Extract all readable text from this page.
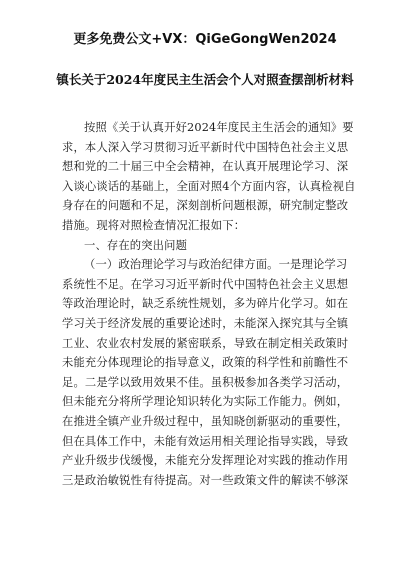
更多免费公文+VX：QiGeGongWen2024
镇长关于2024年度民主生活会个人对照查摆剖析材料
按照《关于认真开好2024年度民主生活会的通知》要
求，本人深入学习贯彻习近平新时代中国特色社会主义思
想和党的二十届三中全会精神，在认真开展理论学习、深
入谈心谈话的基础上，全面对照4个方面内容，认真检视自
身存在的问题和不足，深刻剖析问题根源，研究制定整改
措施。现将对照检查情况汇报如下：
一、存在的突出问题
（一）政治理论学习与政治纪律方面。一是理论学习
系统性不足。在学习习近平新时代中国特色社会主义思想
等政治理论时，缺乏系统性规划，多为碎片化学习。如在
学习关于经济发展的重要论述时，未能深入探究其与全镇
工业、农业农村发展的紧密联系，导致在制定相关政策时
未能充分体现理论的指导意义，政策的科学性和前瞻性不
足。二是学以致用效果不佳。虽积极参加各类学习活动，
但未能充分将所学理论知识转化为实际工作能力。例如，
在推进全镇产业升级过程中，虽知晓创新驱动的重要性，
但在具体工作中，未能有效运用相关理论指导实践，导致
产业升级步伐缓慢，未能充分发挥理论对实践的推动作用
三是政治敏锐性有待提高。对一些政策文件的解读不够深
